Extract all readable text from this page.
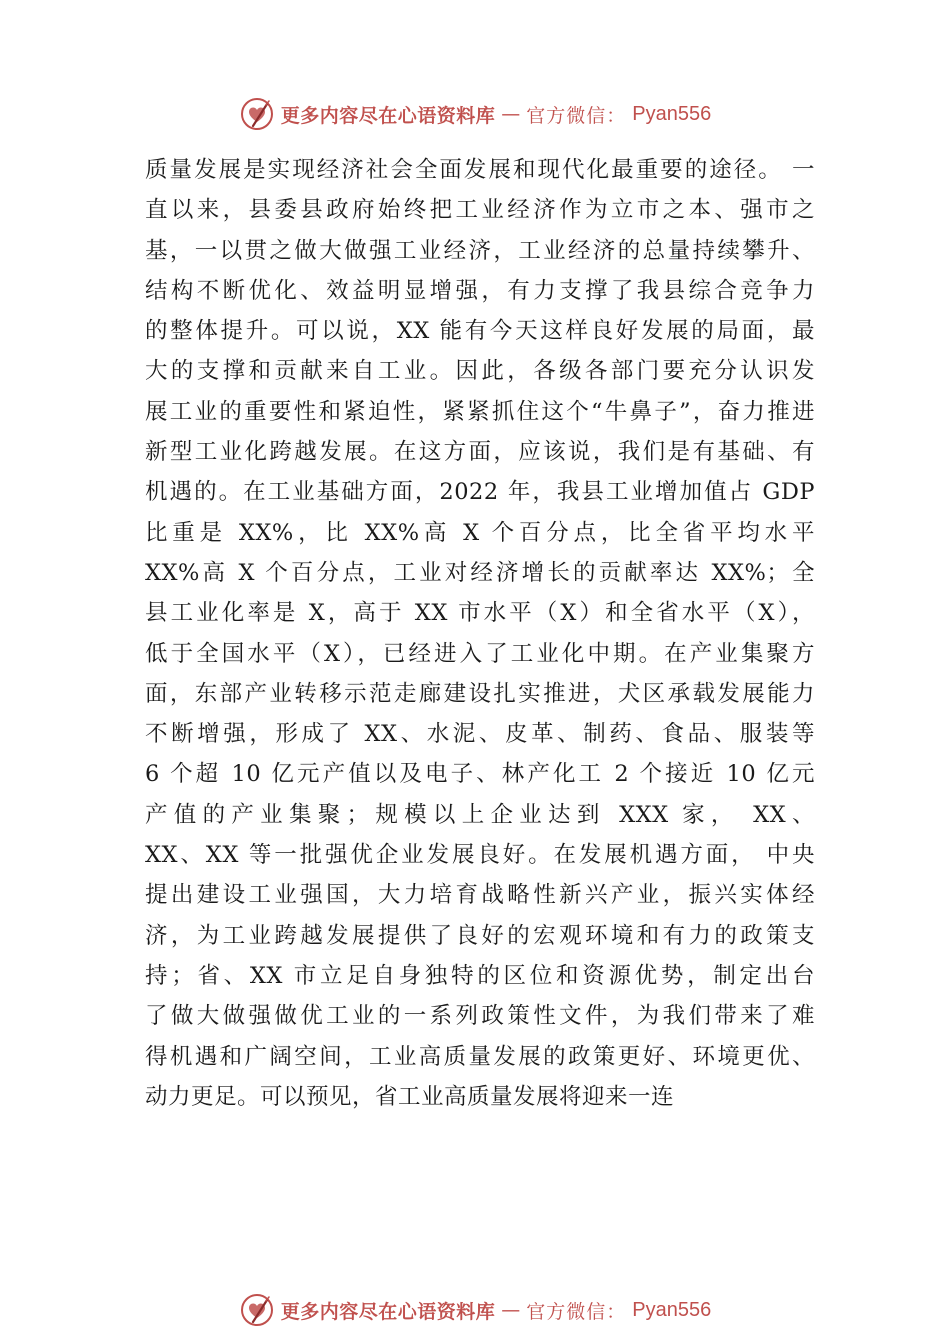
更多内容尽在心语资料库 — 官方微信： Pyan556
质量发展是实现经济社会全面发展和现代化最重要的途径。 一
直以来，县委县政府始终把工业经济作为立市之本、强市之
基，一以贯之做大做强工业经济，工业经济的总量持续攀升、
结构不断优化、效益明显增强，有力支撑了我县综合竞争力
的整体提升。可以说，XX 能有今天这样良好发展的局面，最
大的支撑和贡献来自工业。因此，各级各部门要充分认识发
展工业的重要性和紧迫性，紧紧抓住这个“牛鼻子”，奋力推进
新型工业化跨越发展。在这方面，应该说，我们是有基础、有
机遇的。在工业基础方面，2022 年，我县工业增加值占 GDP
比重是 XX%，比 XX%高 X 个百分点，比全省平均水平
XX%高 X 个百分点，工业对经济增长的贡献率达 XX%；全
县工业化率是 X，高于 XX 市水平（X）和全省水平（X），
低于全国水平（X），已经进入了工业化中期。在产业集聚方
面，东部产业转移示范走廊建设扎实推进，⽝区承载发展能力
不断增强，形成了 XX、水泥、皮革、制药、食品、服装等
6 个超 10 亿元产值以及电子、林产化工 2 个接近 10 亿元
产值的产业集聚；规模以上企业达到 XXX 家， XX、
XX、XX 等一批强优企业发展良好。在发展机遇方面， 中央
提出建设工业强国，大力培育战略性新兴产业，振兴实体经
济，为工业跨越发展提供了良好的宏观环境和有力的政策支
持；省、XX 市立足自身独特的区位和资源优势，制定出台
了做大做强做优工业的一系列政策性文件，为我们带来了难
得机遇和广阔空间，工业高质量发展的政策更好、环境更优、
动力更足。可以预见，省工业高质量发展将迎来一连
更多内容尽在心语资料库 — 官方微信： Pyan556
